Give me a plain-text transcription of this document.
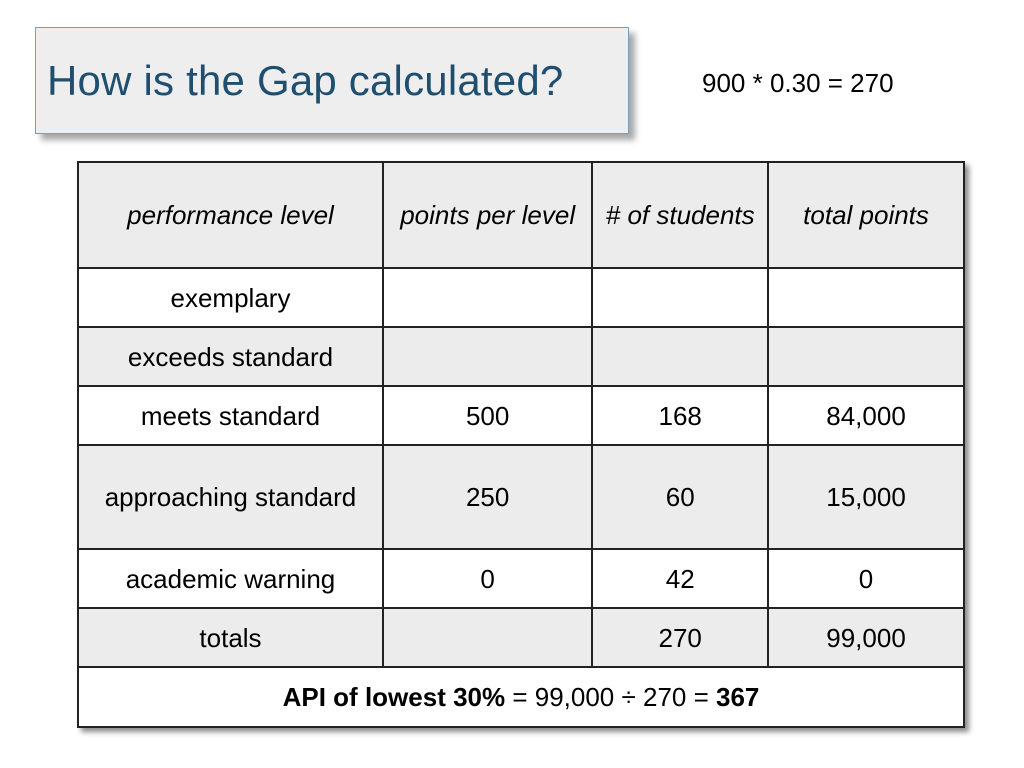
How is the Gap calculated?	900 * 0.30 = 270
performance level	points per level	# of students	total points
exemplary			
exceeds standard			
meets standard	500	168	84,000
approaching standard	250	60	15,000
academic warning	0	42	0
totals		270	99,000
API of lowest 30% = 99,000 ÷ 270 = 367			
